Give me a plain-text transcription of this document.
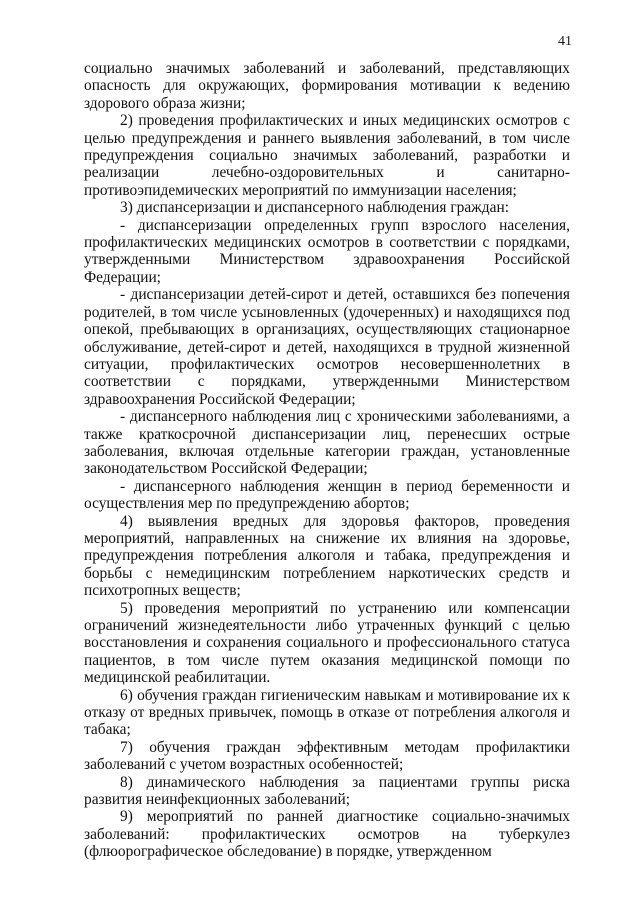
41

социально значимых заболеваний и заболеваний, представляющих опасность для окружающих, формирования мотивации к ведению здорового образа жизни;

2) проведения профилактических и иных медицинских осмотров с целью предупреждения и раннего выявления заболеваний, в том числе предупреждения социально значимых заболеваний, разработки и реализации лечебно-оздоровительных и санитарно-противоэпидемических мероприятий по иммунизации населения;

3) диспансеризации и диспансерного наблюдения граждан:

- диспансеризации определенных групп взрослого населения, профилактических медицинских осмотров в соответствии с порядками, утвержденными Министерством здравоохранения Российской Федерации;

- диспансеризации детей-сирот и детей, оставшихся без попечения родителей, в том числе усыновленных (удочеренных) и находящихся под опекой, пребывающих в организациях, осуществляющих стационарное обслуживание, детей-сирот и детей, находящихся в трудной жизненной ситуации, профилактических осмотров несовершеннолетних в соответствии с порядками, утвержденными Министерством здравоохранения Российской Федерации;

- диспансерного наблюдения лиц с хроническими заболеваниями, а также краткосрочной диспансеризации лиц, перенесших острые заболевания, включая отдельные категории граждан, установленные законодательством Российской Федерации;

- диспансерного наблюдения женщин в период беременности и осуществления мер по предупреждению абортов;

4) выявления вредных для здоровья факторов, проведения мероприятий, направленных на снижение их влияния на здоровье, предупреждения потребления алкоголя и табака, предупреждения и борьбы с немедицинским потреблением наркотических средств и психотропных веществ;

5) проведения мероприятий по устранению или компенсации ограничений жизнедеятельности либо утраченных функций с целью восстановления и сохранения социального и профессионального статуса пациентов, в том числе путем оказания медицинской помощи по медицинской реабилитации.

6) обучения граждан гигиеническим навыкам и мотивирование их к отказу от вредных привычек, помощь в отказе от потребления алкоголя и табака;

7) обучения граждан эффективным методам профилактики заболеваний с учетом возрастных особенностей;

8) динамического наблюдения за пациентами группы риска развития неинфекционных заболеваний;

9) мероприятий по ранней диагностике социально-значимых заболеваний: профилактических осмотров на туберкулез (флюорографическое обследование) в порядке, утвержденном
